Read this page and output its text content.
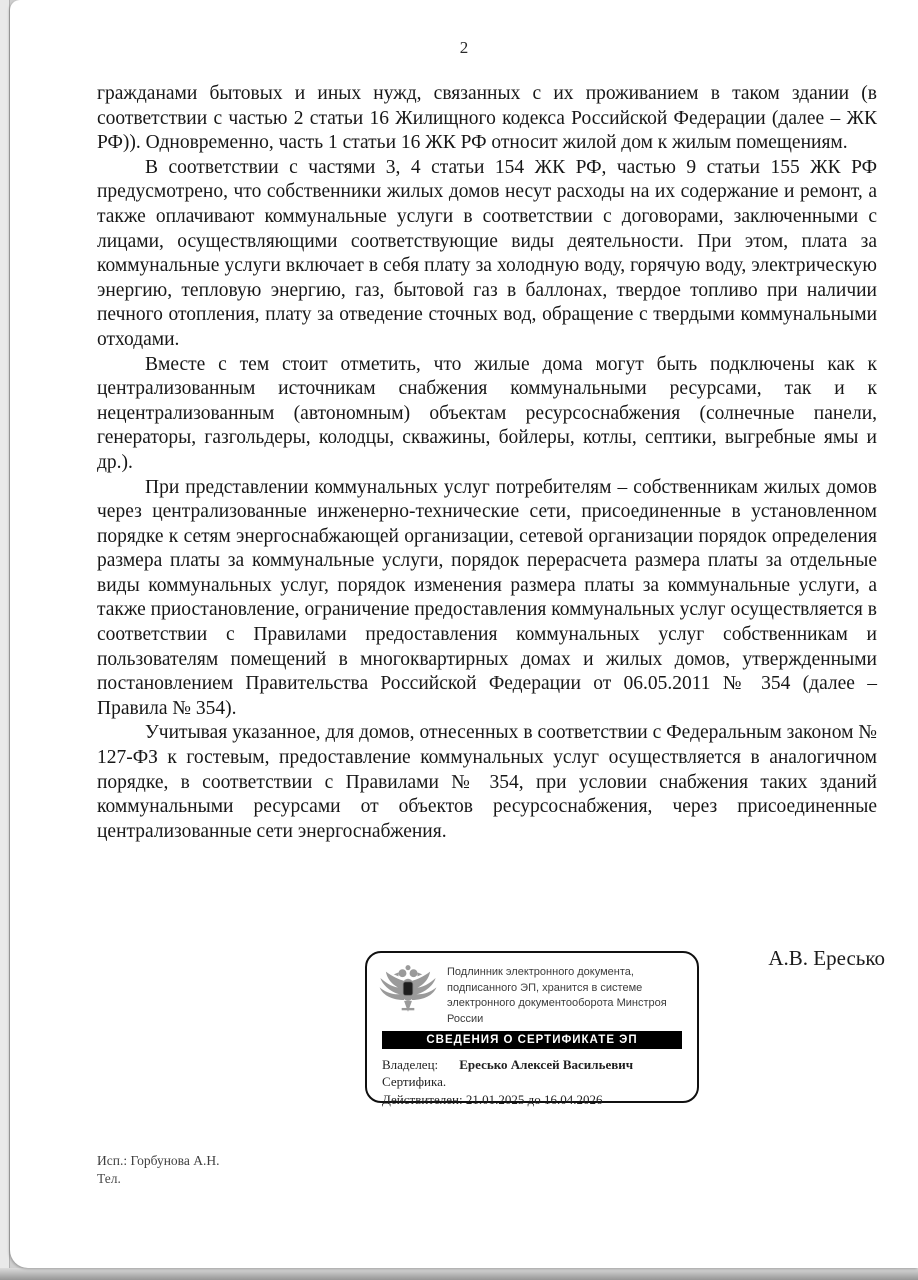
2

гражданами бытовых и иных нужд, связанных с их проживанием в таком здании (в соответствии с частью 2 статьи 16 Жилищного кодекса Российской Федерации (далее – ЖК РФ)). Одновременно, часть 1 статьи 16 ЖК РФ относит жилой дом к жилым помещениям.

В соответствии с частями 3, 4 статьи 154 ЖК РФ, частью 9 статьи 155 ЖК РФ предусмотрено, что собственники жилых домов несут расходы на их содержание и ремонт, а также оплачивают коммунальные услуги в соответствии с договорами, заключенными с лицами, осуществляющими соответствующие виды деятельности. При этом, плата за коммунальные услуги включает в себя плату за холодную воду, горячую воду, электрическую энергию, тепловую энергию, газ, бытовой газ в баллонах, твердое топливо при наличии печного отопления, плату за отведение сточных вод, обращение с твердыми коммунальными отходами.

Вместе с тем стоит отметить, что жилые дома могут быть подключены как к централизованным источникам снабжения коммунальными ресурсами, так и к нецентрализованным (автономным) объектам ресурсоснабжения (солнечные панели, генераторы, газгольдеры, колодцы, скважины, бойлеры, котлы, септики, выгребные ямы и др.).

При представлении коммунальных услуг потребителям – собственникам жилых домов через централизованные инженерно-технические сети, присоединенные в установленном порядке к сетям энергоснабжающей организации, сетевой организации порядок определения размера платы за коммунальные услуги, порядок перерасчета размера платы за отдельные виды коммунальных услуг, порядок изменения размера платы за коммунальные услуги, а также приостановление, ограничение предоставления коммунальных услуг осуществляется в соответствии с Правилами предоставления коммунальных услуг собственникам и пользователям помещений в многоквартирных домах и жилых домов, утвержденными постановлением Правительства Российской Федерации от 06.05.2011 № 354 (далее – Правила № 354).

Учитывая указанное, для домов, отнесенных в соответствии с Федеральным законом № 127-ФЗ к гостевым, предоставление коммунальных услуг осуществляется в аналогичном порядке, в соответствии с Правилами № 354, при условии снабжения таких зданий коммунальными ресурсами от объектов ресурсоснабжения, через присоединенные централизованные сети энергоснабжения.

А.В. Ересько
Подлинник электронного документа, подписанного ЭП, хранится в системе электронного документооборота Минстроя России
СВЕДЕНИЯ О СЕРТИФИКАТЕ ЭП
Владелец: Ересько Алексей Васильевич
Сертифика.
Действителен: 21.01.2025 до 16.04.2026
Исп.: Горбунова А.Н.
Тел.
